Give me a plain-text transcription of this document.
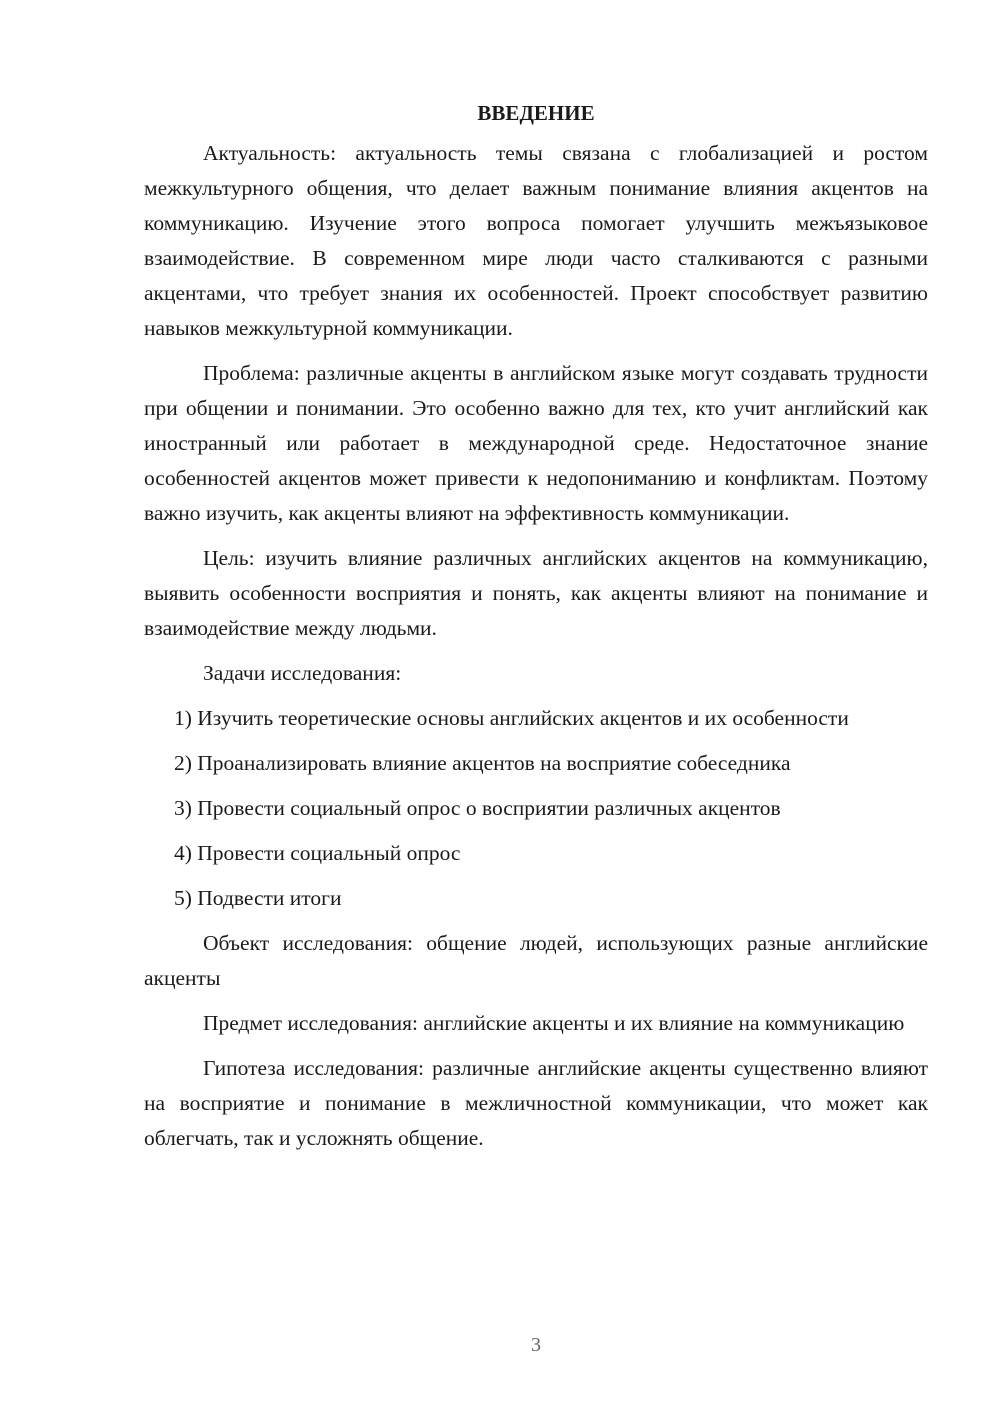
ВВЕДЕНИЕ

Актуальность: актуальность темы связана с глобализацией и ростом межкультурного общения, что делает важным понимание влияния акцентов на коммуникацию. Изучение этого вопроса помогает улучшить межъязыковое взаимодействие. В современном мире люди часто сталкиваются с разными акцентами, что требует знания их особенностей. Проект способствует развитию навыков межкультурной коммуникации.

Проблема: различные акценты в английском языке могут создавать трудности при общении и понимании. Это особенно важно для тех, кто учит английский как иностранный или работает в международной среде. Недостаточное знание особенностей акцентов может привести к недопониманию и конфликтам. Поэтому важно изучить, как акценты влияют на эффективность коммуникации.

Цель: изучить влияние различных английских акцентов на коммуникацию, выявить особенности восприятия и понять, как акценты влияют на понимание и взаимодействие между людьми.

Задачи исследования:

1) Изучить теоретические основы английских акцентов и их особенности

2) Проанализировать влияние акцентов на восприятие собеседника

3) Провести социальный опрос о восприятии различных акцентов

4) Провести социальный опрос

5) Подвести итоги

Объект исследования: общение людей, использующих разные английские акценты

Предмет исследования: английские акценты и их влияние на коммуникацию

Гипотеза исследования: различные английские акценты существенно влияют на восприятие и понимание в межличностной коммуникации, что может как облегчать, так и усложнять общение.

3
